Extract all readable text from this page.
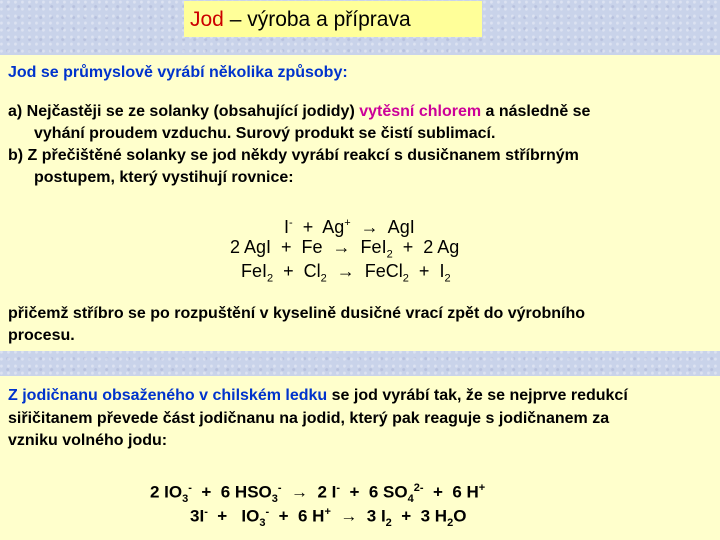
Jod – výroba a příprava
Jod se průmyslově vyrábí několika způsoby:
a) Nejčastěji se ze solanky (obsahující jodidy) vytěsní chlorem a následně se
vyhání proudem vzduchu. Surový produkt se čistí sublimací.
b) Z přečištěné solanky se jod někdy vyrábí reakcí s dusičnanem stříbrným
postupem, který vystihují rovnice:
I-  +  Ag+  →  AgI
2 AgI  +  Fe  →  FeI$_2$  +  2 Ag
$FeI_2 + Cl_2$  →  FeCl$_2$  +  $I_2$
přičemž stříbro se po rozpuštění v kyselině dusičné vrací zpět do výrobního
procesu.
Z jodičnanu obsaženého v chilském ledku se jod vyrábí tak, že se nejprve redukcí
siřičitanem převede část jodičnanu na jodid, který pak reaguje s jodičnanem za
vzniku volného jodu:
2 $IO_3^- + 6$ $HSO_3^- \to 2$ I-  +  6 $SO_4^{2-} + 6$ H+
$3I^- + IO_3^- + 6$ H+  →  3 $I_2 + 3$ $H_2O$
